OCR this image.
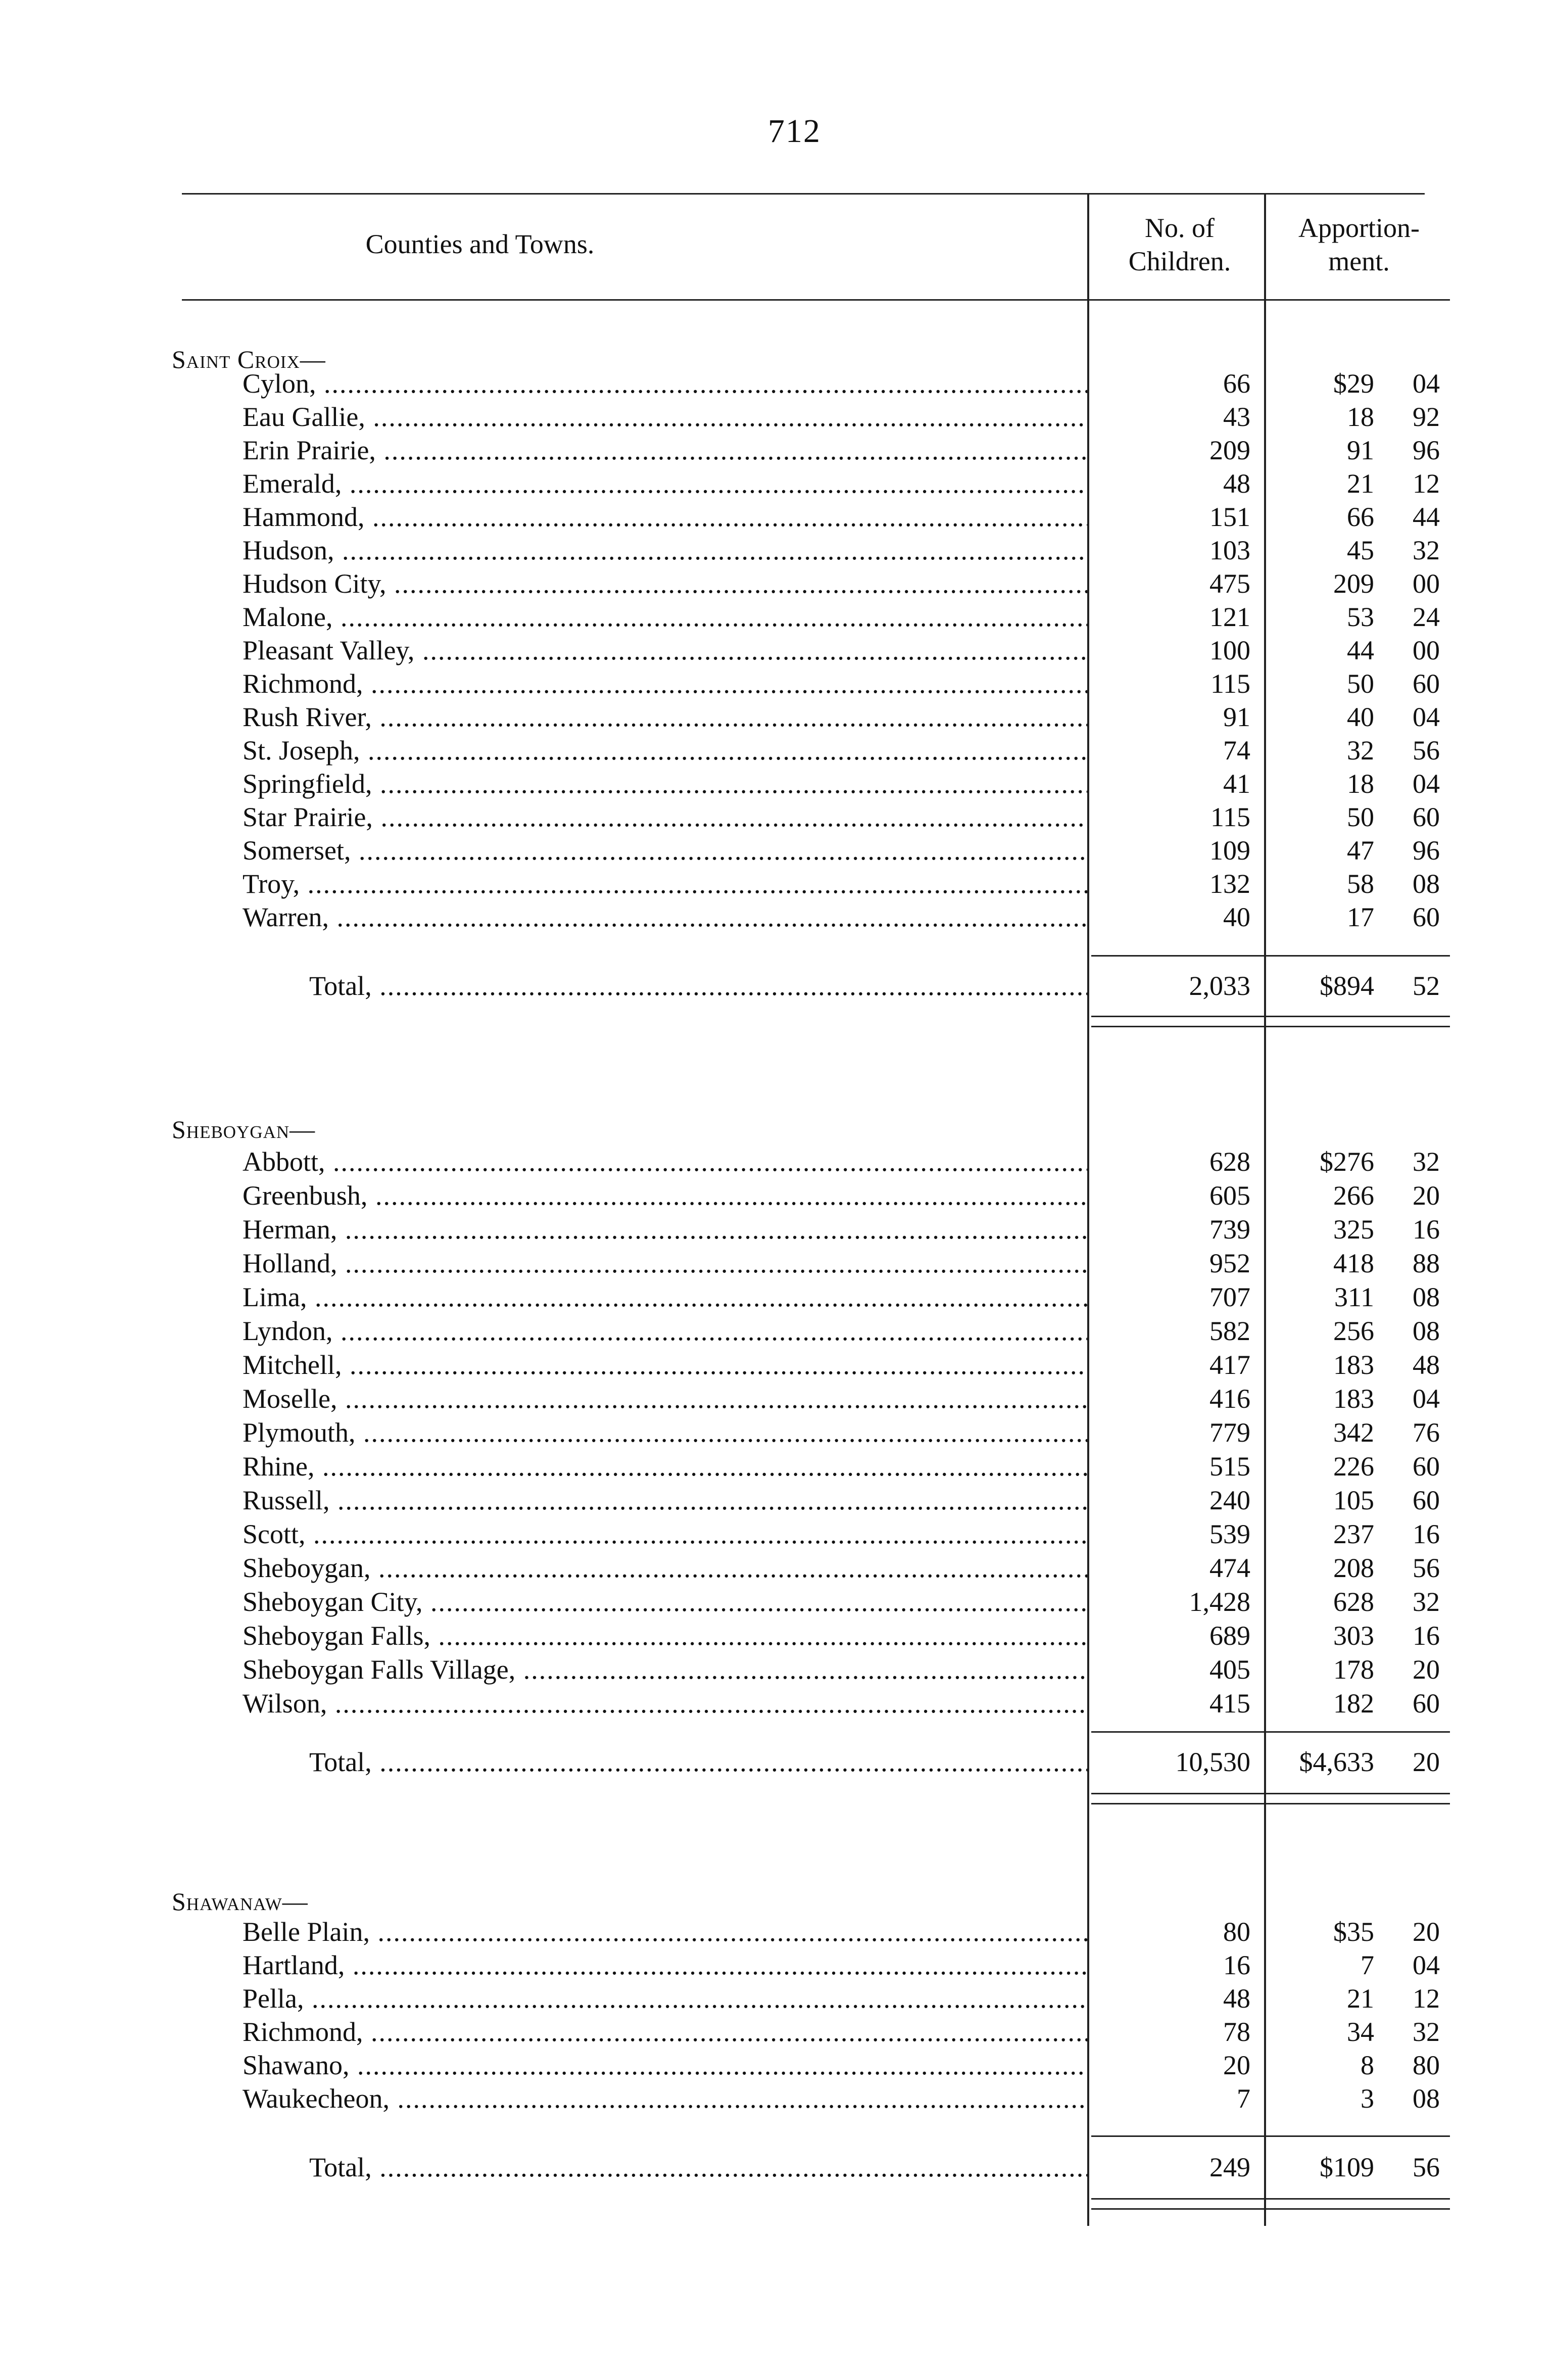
712
Counties and Towns.
No. of
Children.
Apportion-
ment.
Saint Croix—
Cylon, .....	66	$29	04
Eau Gallie, .....	43	18	92
Erin Prairie, .....	209	91	96
Emerald, .....	48	21	12
Hammond, .....	151	66	44
Hudson, .....	103	45	32
Hudson City, .....	475	209	00
Malone, .....	121	53	24
Pleasant Valley, .....	100	44	00
Richmond, .....	115	50	60
Rush River, .....	91	40	04
St. Joseph, .....	74	32	56
Springfield, .....	41	18	04
Star Prairie, .....	115	50	60
Somerset, .....	109	47	96
Troy, .....	132	58	08
Warren, .....	40	17	60
Total, .....	2,033	$894	52
Sheboygan—
Abbott, .....	628	$276	32
Greenbush, .....	605	266	20
Herman, .....	739	325	16
Holland, .....	952	418	88
Lima, .....	707	311	08
Lyndon, .....	582	256	08
Mitchell, .....	417	183	48
Moselle, .....	416	183	04
Plymouth, .....	779	342	76
Rhine, .....	515	226	60
Russell, .....	240	105	60
Scott, .....	539	237	16
Sheboygan, .....	474	208	56
Sheboygan City, .....	1,428	628	32
Sheboygan Falls, .....	689	303	16
Sheboygan Falls Village, .....	405	178	20
Wilson, .....	415	182	60
Total, .....	10,530	$4,633	20
Shawanaw—
Belle Plain, .....	80	$35	20
Hartland, .....	16	7	04
Pella, .....	48	21	12
Richmond, .....	78	34	32
Shawano, .....	20	8	80
Waukecheon, .....	7	3	08
Total, .....	249	$109	56
